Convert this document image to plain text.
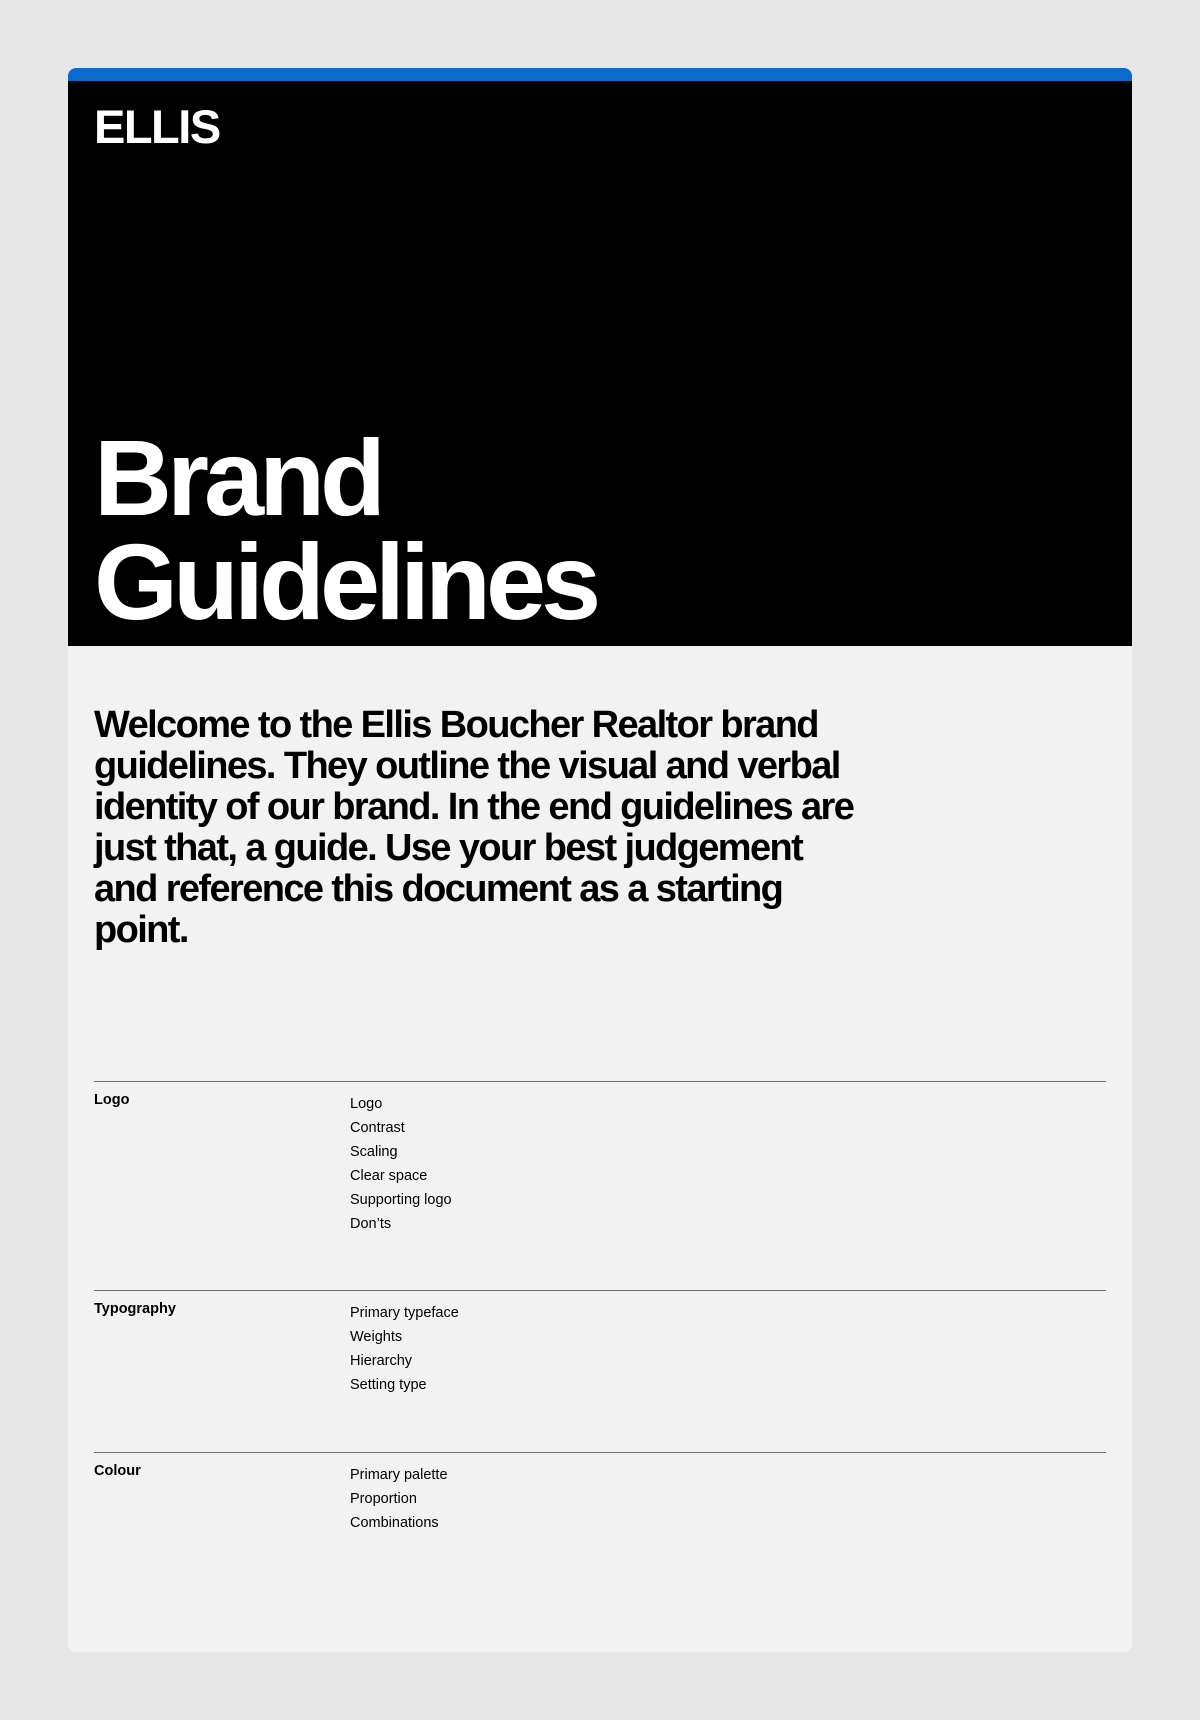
ELLIS
Brand
Guidelines

Welcome to the Ellis Boucher Realtor brand guidelines. They outline the visual and verbal identity of our brand. In the end guidelines are just that, a guide. Use your best judgement and reference this document as a starting point.

Logo	Logo
Contrast
Scaling
Clear space
Supporting logo
Don’ts
Typography	Primary typeface
Weights
Hierarchy
Setting type
Colour	Primary palette
Proportion
Combinations
